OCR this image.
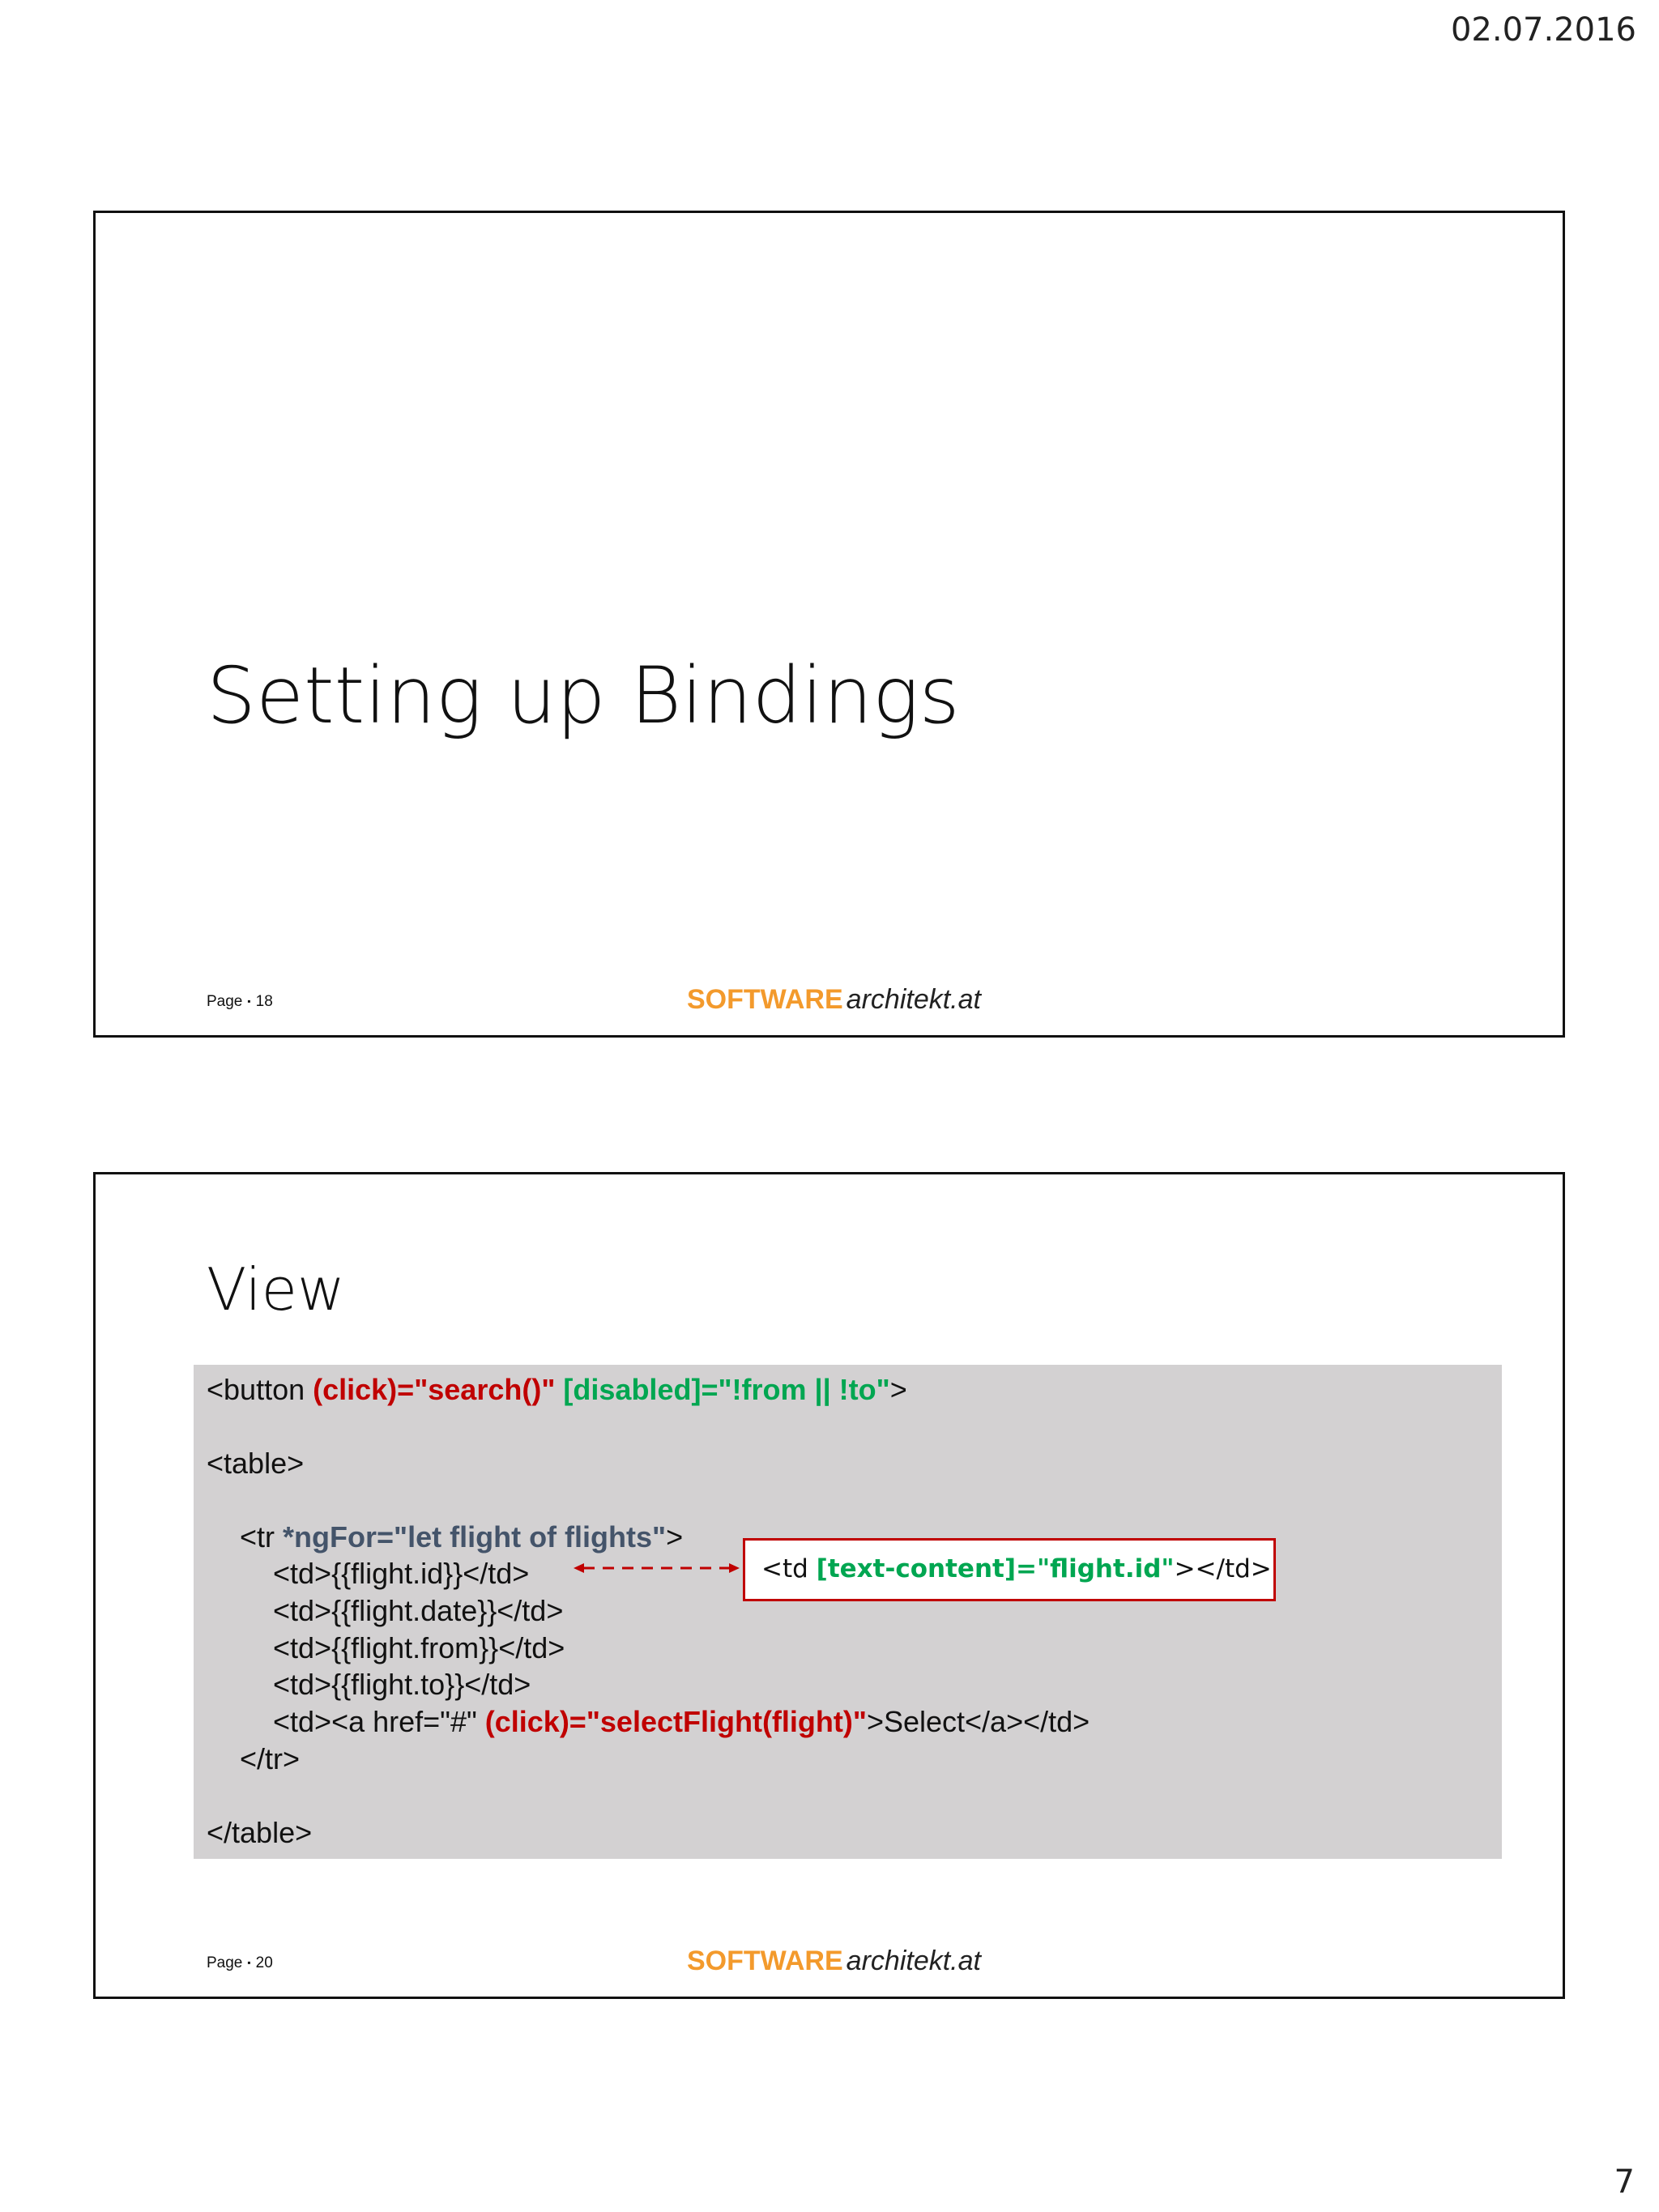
02.07.2016
Setting up Bindings
Page ▪ 18	SOFTWARE architekt.at
View
<button (click)="search()" [disabled]="!from || !to">
<table>
<tr *ngFor="let flight of flights">
<td>{{flight.id}}</td>
<td>{{flight.date}}</td>
<td>{{flight.from}}</td>
<td>{{flight.to}}</td>
<td><a href="#" (click)="selectFlight(flight)">Select</a></td>
</tr>
</table>
<td [text-content]="flight.id"></td>
Page ▪ 20	SOFTWARE architekt.at
7
